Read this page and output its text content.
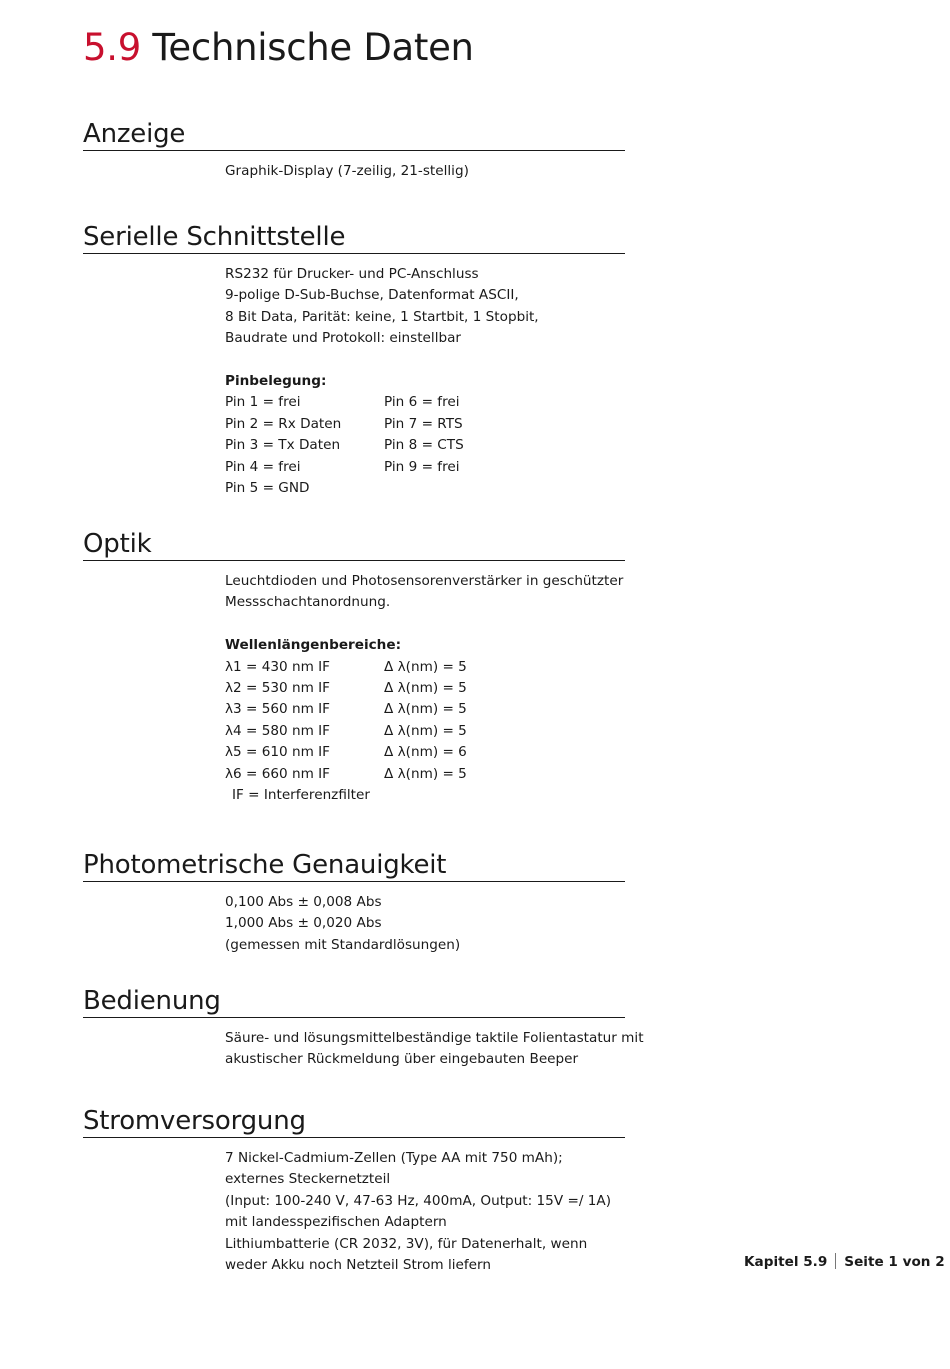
5.9 Technische Daten
Anzeige
Graphik-Display (7-zeilig, 21-stellig)
Serielle Schnittstelle
RS232 für Drucker- und PC-Anschluss
9-polige D-Sub-Buchse, Datenformat ASCII,
8 Bit Data, Parität: keine, 1 Startbit, 1 Stopbit,
Baudrate und Protokoll: einstellbar
Pinbelegung:
Pin 1 = frei	Pin 6 = frei
Pin 2 = Rx Daten	Pin 7 = RTS
Pin 3 = Tx Daten	Pin 8 = CTS
Pin 4 = frei	Pin 9 = frei
Pin 5 = GND
Optik
Leuchtdioden und Photosensorenverstärker in geschützter
Messschachtanordnung.
Wellenlängenbereiche:
λ1 = 430 nm IF	Δ λ(nm) = 5
λ2 = 530 nm IF	Δ λ(nm) = 5
λ3 = 560 nm IF	Δ λ(nm) = 5
λ4 = 580 nm IF	Δ λ(nm) = 5
λ5 = 610 nm IF	Δ λ(nm) = 6
λ6 = 660 nm IF	Δ λ(nm) = 5
IF = Interferenzfilter
Photometrische Genauigkeit
0,100 Abs ± 0,008 Abs
1,000 Abs ± 0,020 Abs
(gemessen mit Standardlösungen)
Bedienung
Säure- und lösungsmittelbeständige taktile Folientastatur mit
akustischer Rückmeldung über eingebauten Beeper
Stromversorgung
7 Nickel-Cadmium-Zellen (Type AA mit 750 mAh);
externes Steckernetzteil
(Input: 100-240 V, 47-63 Hz, 400mA, Output: 15V =/ 1A)
mit landesspezifischen Adaptern
Lithiumbatterie (CR 2032, 3V), für Datenerhalt, wenn
weder Akku noch Netzteil Strom liefern	Kapitel 5.9 Seite 1 von 2
